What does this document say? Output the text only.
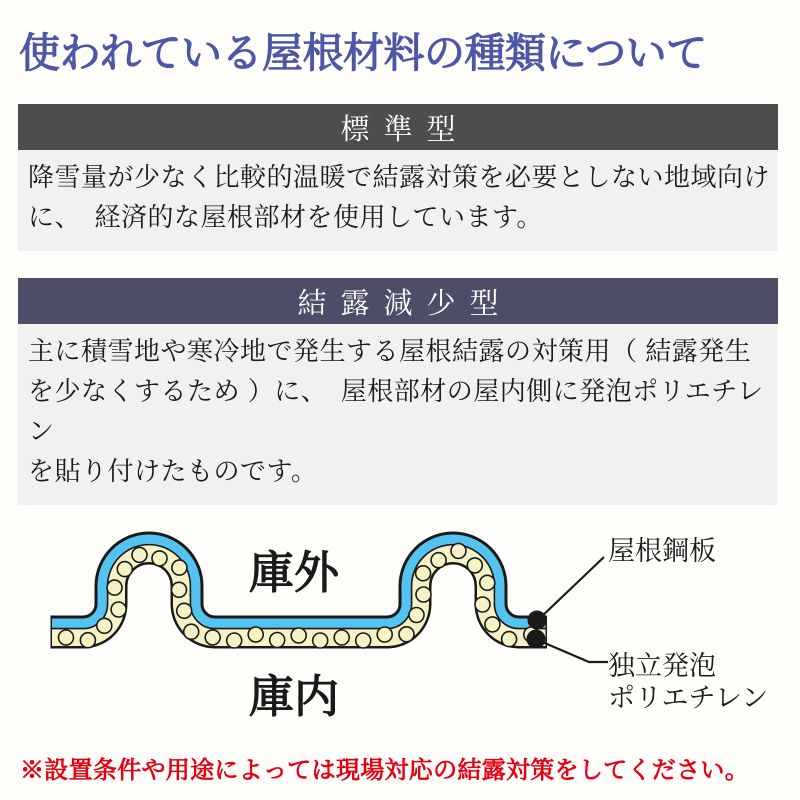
使われている屋根材料の種類について
標準型
降雪量が少なく比較的温暖で結露対策を必要としない地域向け
に、　経済的な屋根部材を使用しています。
結露減少型
主に積雪地や寒冷地で発生する屋根結露の対策用（ 結露発生
を少なくするため ）に、　屋根部材の屋内側に発泡ポリエチレン
を貼り付けたものです。
庫外
庫内
屋根鋼板
独立発泡
ポリエチレン
※設置条件や用途によっては現場対応の結露対策をしてください。
